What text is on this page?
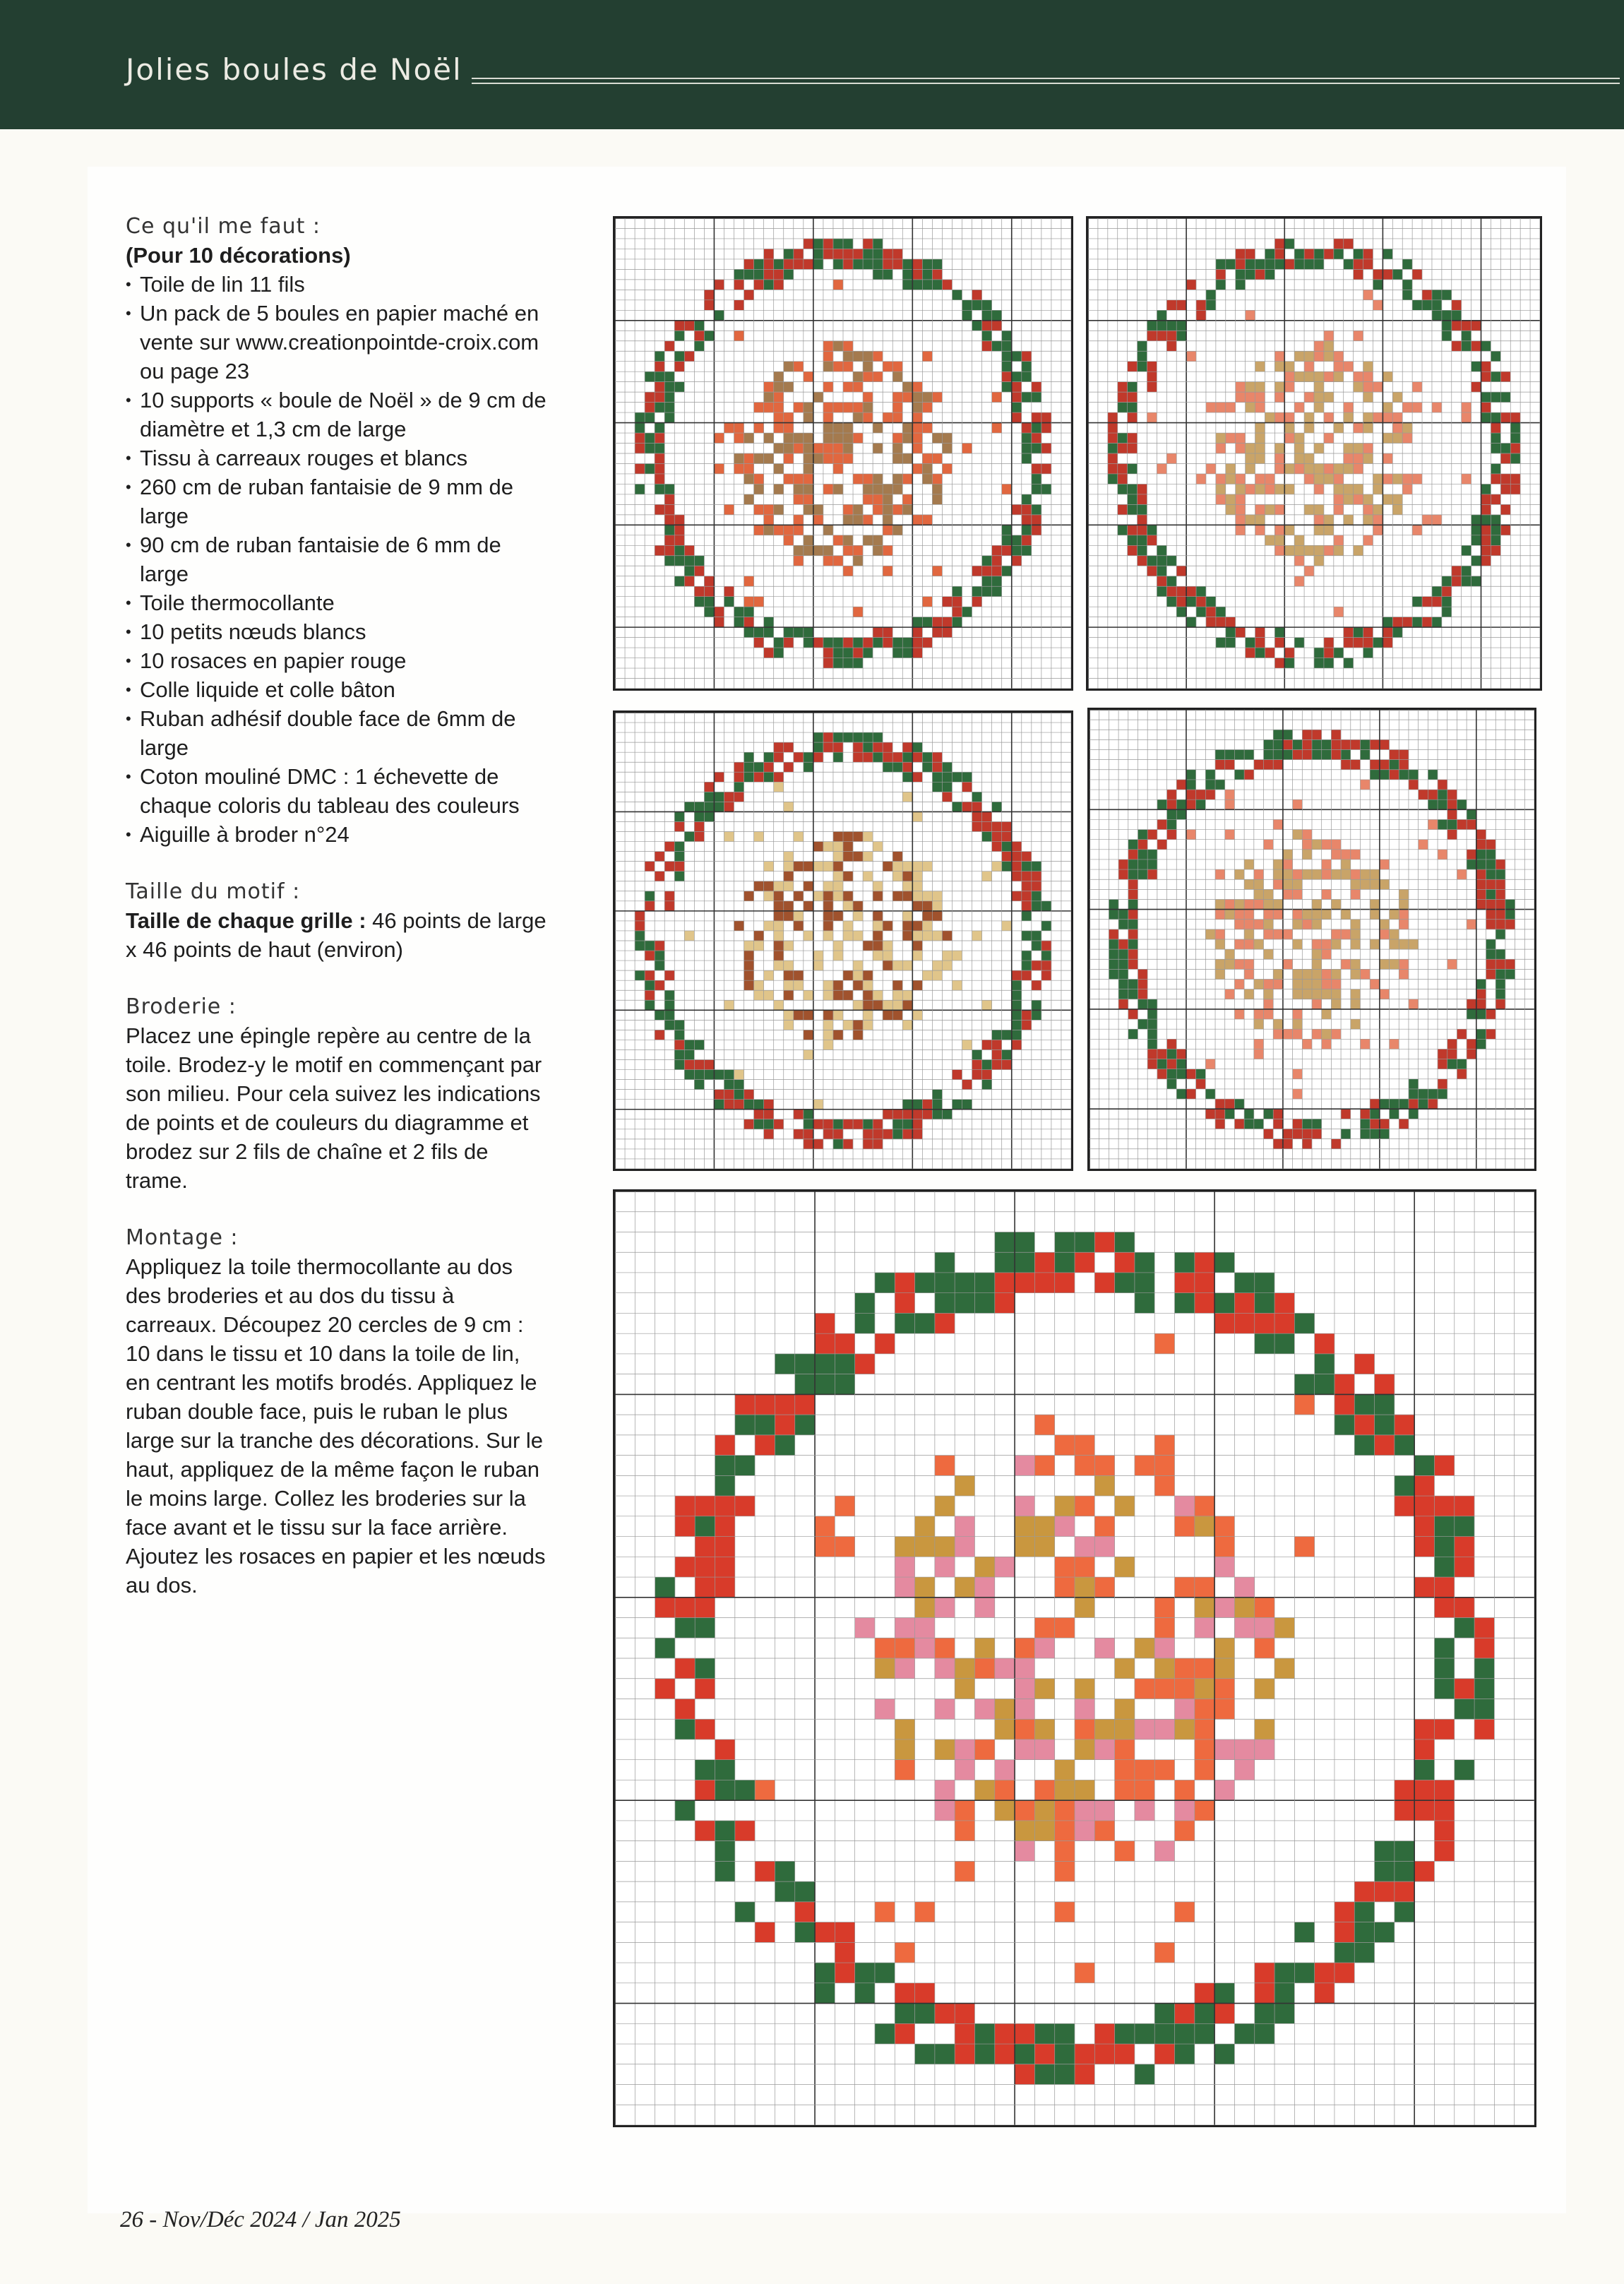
Jolies boules de Noël
Ce qu'il me faut :
(Pour 10 décorations)
• Toile de lin 11 fils
• Un pack de 5 boules en papier maché en vente sur www.creationpointde-croix.com ou page 23
• 10 supports « boule de Noël » de 9 cm de diamètre et 1,3 cm de large
• Tissu à carreaux rouges et blancs
• 260 cm de ruban fantaisie de 9 mm de large
• 90 cm de ruban fantaisie de 6 mm de large
• Toile thermocollante
• 10 petits nœuds blancs
• 10 rosaces en papier rouge
• Colle liquide et colle bâton
• Ruban adhésif double face de 6mm de large
• Coton mouliné DMC : 1 échevette de chaque coloris du tableau des couleurs
• Aiguille à broder n°24
Taille du motif :

Taille de chaque grille : 46 points de large x 46 points de haut (environ)

Broderie :

Placez une épingle repère au centre de la toile. Brodez-y le motif en commençant par son milieu. Pour cela suivez les indications de points et de couleurs du diagramme et brodez sur 2 fils de chaîne et 2 fils de trame.

Montage :

Appliquez la toile thermocollante au dos des broderies et au dos du tissu à carreaux. Découpez 20 cercles de 9 cm : 10 dans le tissu et 10 dans la toile de lin, en centrant les motifs brodés. Appliquez le ruban double face, puis le ruban le plus large sur la tranche des décorations. Sur le haut, appliquez de la même façon le ruban le moins large. Collez les broderies sur la face avant et le tissu sur la face arrière. Ajoutez les rosaces en papier et les nœuds au dos.

26 - Nov/Déc 2024 / Jan 2025
